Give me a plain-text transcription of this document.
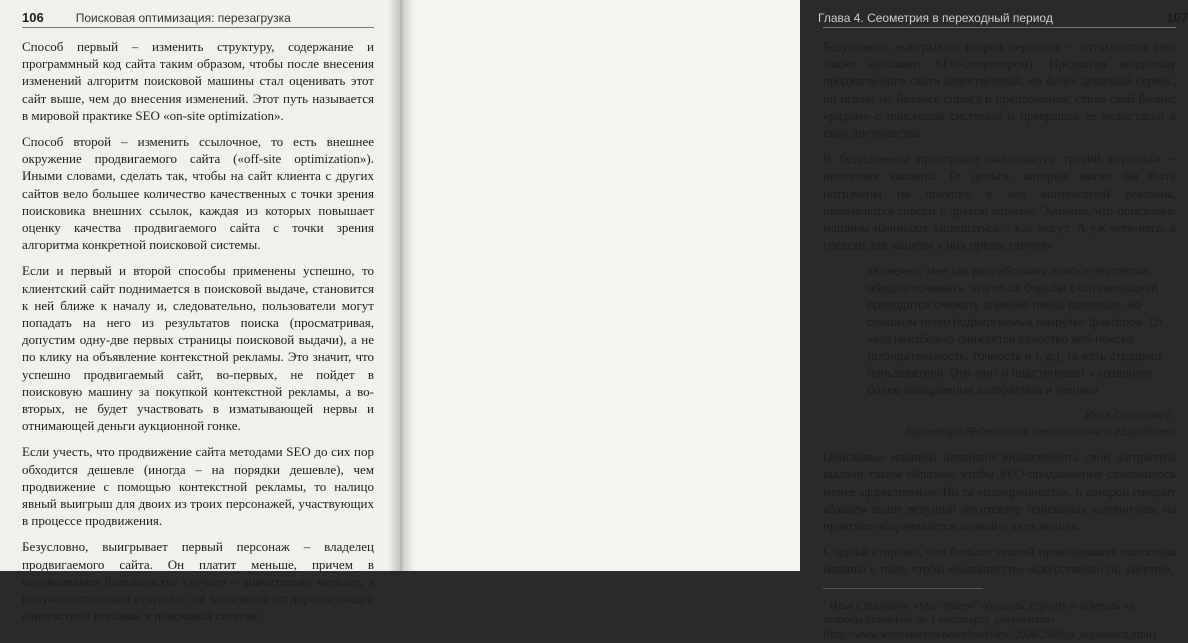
106	Поисковая оптимизация: перезагрузка

Способ первый – изменить структуру, содержание и программный код сайта таким образом, чтобы после внесения изменений алгоритм поисковой машины стал оценивать этот сайт выше, чем до внесения изменений. Этот путь называется в мировой практике SEO «on-site optimization».

Способ второй – изменить ссылочное, то есть внешнее окружение продвигаемого сайта («off-site optimization»). Иными словами, сделать так, чтобы на сайт клиента с других сайтов вело большее количество качественных с точки зрения поисковика внешних ссылок, каждая из которых повышает оценку качества продвигаемого сайта с точки зрения алгоритма конкретной поисковой системы.

Если и первый и второй способы применены успешно, то клиентский сайт поднимается в поисковой выдаче, становится к ней ближе к началу и, следовательно, пользователи могут попадать на него из результатов поиска (просматривая, допустим одну-две первых страницы поисковой выдачи), а не по клику на объявление контекстной рекламы. Это значит, что успешно продвигаемый сайт, во-первых, не пойдет в поисковую машину за покупкой контекстной рекламы, а во-вторых, не будет участвовать в изматывающей нервы и отнимающей деньги аукционной гонке.

Если учесть, что продвижение сайта методами SEO до сих пор обходится дешевле (иногда – на порядки дешевле), чем продвижение с помощью контекстной рекламы, то налицо явный выигрыш для двоих из троих персонажей, участвующих в процессе продвижения.

Безусловно, выигрывает первый персонаж – владелец продвигаемого сайта. Он платит меньше, причем в подавляющем большинстве случаев – значительно меньше, а получает отличный результат, не зависящий от дорогостоящей контекстной рекламы в поисковой системе.

Глава 4. Сеометрия в переходный период	107

Безусловно, выигрывает второй персонаж – оптимизатор (его также называют SEO-оператором). Предлагая владельцу продвигаемого сайта качественный, но более дешевый сервис, он играет на балансе спроса и предложения, строя свой бизнес «рядом» с поисковой системой и превращая ее недостатки в свои достоинства.

В безусловном проигрыше оказывается третий персонаж – поисковая машина. Те деньги, которые могли бы быть потрачены на покупку у нее контекстной рекламы, оказываются совсем в другом кармане. Хорошо, что поисковые машины начинают защищаться – как могут. А уж чего-чего, а средств для защиты у них предостаточно.

«Конечно, мне как разработчику поиска чертовски обидно понимать, что из-за борьбы с оптимизацией приходится снижать влияние очень полезных, но слишком легко подвергаемых накрутке факторов. От чего неизбежно снижается качество веб-поиска (избирательность, точность и т. д.), то есть страдают пользователи. Это злит и подстегивает к созданию более изощренных алгоритмов и техник».
Илья Сегалович$^1$,
директор «Яндекса» по технологиям и разработке

Поисковые машины начинают видоизменять свои алгоритмы выдачи таким образом, чтобы SEO-продвижение становилось менее эффективным. Но та «изощренность», о которой говорит абзацем выше ведущий архитектор поисковых алгоритмов, на практике оборачивается палкой о двух концах.

С одной стороны, чем больше усилий прикладывает поисковая машина к тому, чтобы «выщипнуть» искусственно (и, заметим,

$^1$ Илья Сегалович: «Мы "умеем" обходить, строить и отвечать на запросы примерно по 1 миллиарду документов» (http://www.webplanet.ru/news/interview/2006/2/6/ilya_segalovich.html).
